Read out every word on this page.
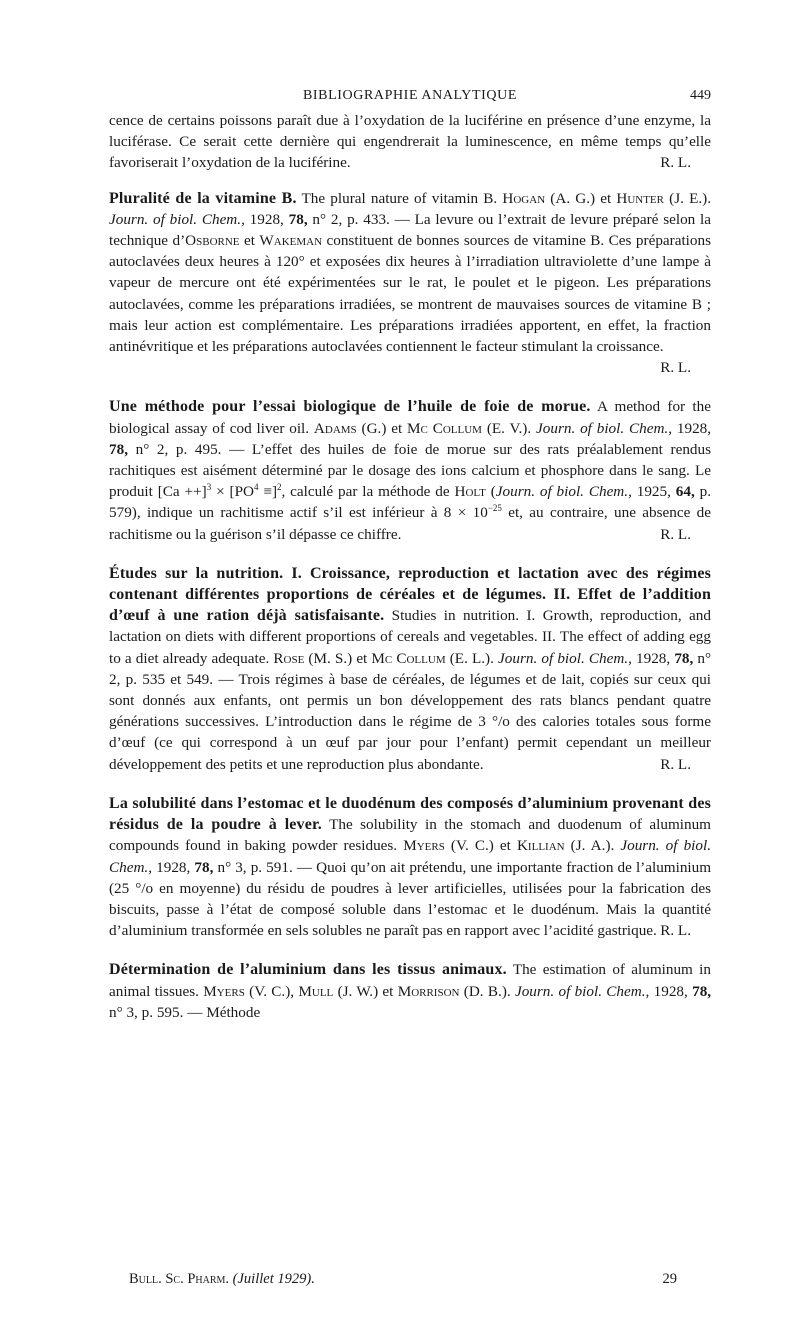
BIBLIOGRAPHIE ANALYTIQUE	449
cence de certains poissons paraît due à l’oxydation de la luciférine en présence d’une enzyme, la luciférase. Ce serait cette dernière qui engendrerait la luminescence, en même temps qu’elle favoriserait l’oxydation de la luciférine.	R. L.
Pluralité de la vitamine B. The plural nature of vitamin B. Hogan (A. G.) et Hunter (J. E.). Journ. of biol. Chem., 1928, 78, n° 2, p. 433. — La levure ou l’extrait de levure préparé selon la technique d’Osborne et Wakeman constituent de bonnes sources de vitamine B. Ces préparations autoclavées deux heures à 120° et exposées dix heures à l’irradiation ultraviolette d’une lampe à vapeur de mercure ont été expérimentées sur le rat, le poulet et le pigeon. Les préparations autoclavées, comme les préparations irradiées, se montrent de mauvaises sources de vitamine B ; mais leur action est complémentaire. Les préparations irradiées apportent, en effet, la fraction antinévritique et les préparations autoclavées contiennent le facteur stimulant la croissance.
R. L.
Une méthode pour l’essai biologique de l’huile de foie de morue. A method for the biological assay of cod liver oil. Adams (G.) et Mc Collum (E. V.). Journ. of biol. Chem., 1928, 78, n° 2, p. 495. — L’effet des huiles de foie de morue sur des rats préalablement rendus rachitiques est aisément déterminé par le dosage des ions calcium et phosphore dans le sang. Le produit $[Ca ++]^3 \times [PO^4 \equiv]^2$, calculé par la méthode de Holt (Journ. of biol. Chem., 1925, 64, p. 579), indique un rachitisme actif s’il est inférieur à $8 \times 10^{-25}$ et, au contraire, une absence de rachitisme ou la guérison s’il dépasse ce chiffre.	R. L.
Études sur la nutrition. I. Croissance, reproduction et lactation avec des régimes contenant différentes proportions de céréales et de légumes. II. Effet de l’addition d’œuf à une ration déjà satisfaisante. Studies in nutrition. I. Growth, reproduction, and lactation on diets with different proportions of cereals and vegetables. II. The effect of adding egg to a diet already adequate. Rose (M. S.) et Mc Collum (E. L.). Journ. of biol. Chem., 1928, 78, n° 2, p. 535 et 549. — Trois régimes à base de céréales, de légumes et de lait, copiés sur ceux qui sont donnés aux enfants, ont permis un bon développement des rats blancs pendant quatre générations successives. L’introduction dans le régime de 3 °/o des calories totales sous forme d’œuf (ce qui correspond à un œuf par jour pour l’enfant) permit cependant un meilleur développement des petits et une reproduction plus abondante.	R. L.
La solubilité dans l’estomac et le duodénum des composés d’aluminium provenant des résidus de la poudre à lever. The solubility in the stomach and duodenum of aluminum compounds found in baking powder residues. Myers (V. C.) et Killian (J. A.). Journ. of biol. Chem., 1928, 78, n° 3, p. 591. — Quoi qu’on ait prétendu, une importante fraction de l’aluminium (25 °/o en moyenne) du résidu de poudres à lever artificielles, utilisées pour la fabrication des biscuits, passe à l’état de composé soluble dans l’estomac et le duodénum. Mais la quantité d’aluminium transformée en sels solubles ne paraît pas en rapport avec l’acidité gastrique. R. L.
Détermination de l’aluminium dans les tissus animaux. The estimation of aluminum in animal tissues. Myers (V. C.), Mull (J. W.) et Morrison (D. B.). Journ. of biol. Chem., 1928, 78, n° 3, p. 595. — Méthode
Bull. Sc. Pharm. (Juillet 1929).	29
